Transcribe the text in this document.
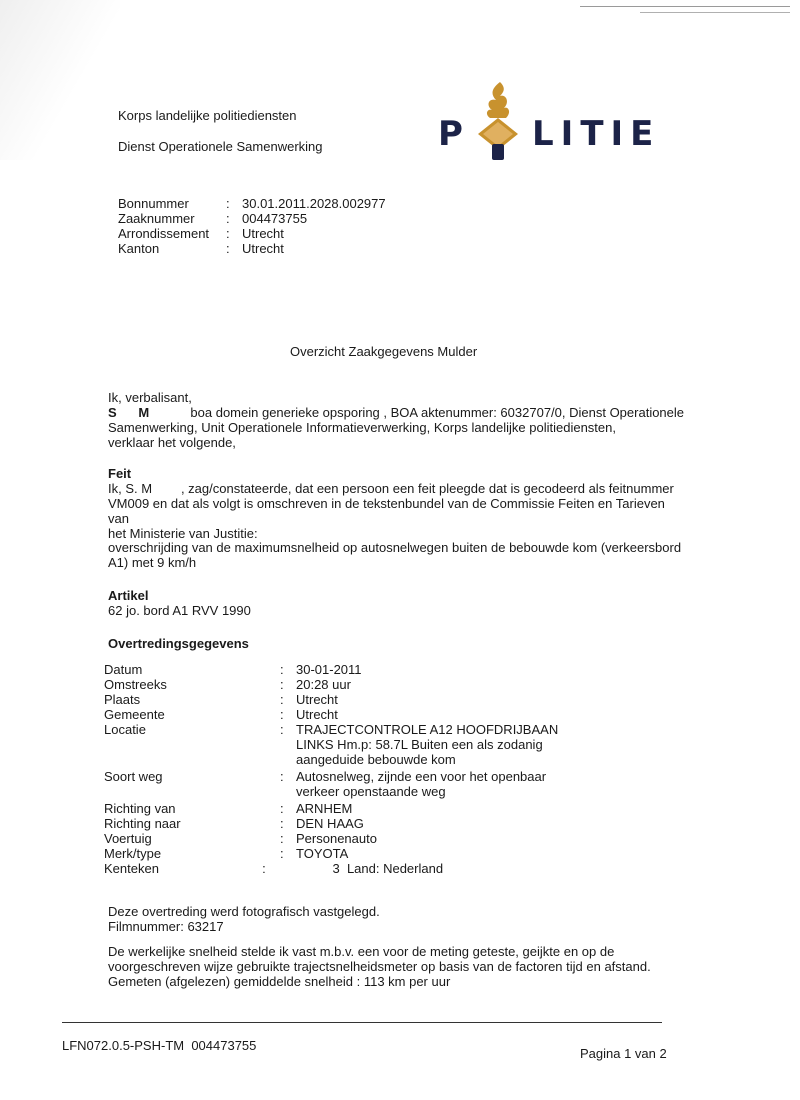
Korps landelijke politiediensten
Dienst Operationele Samenwerking	P LITIE
Bonnummer	: 30.01.2011.2028.002977
Zaaknummer	: 004473755
Arrondissement	: Utrecht
Kanton	: Utrecht
Overzicht Zaakgegevens Mulder
Ik, verbalisant,
S      M	boa domein generieke opsporing , BOA aktenummer: 6032707/0, Dienst Operationele
Samenwerking, Unit Operationele Informatieverwerking, Korps landelijke politiediensten,
verklaar het volgende,
Feit
Ik, S. M        , zag/constateerde, dat een persoon een feit pleegde dat is gecodeerd als feitnummer
VM009 en dat als volgt is omschreven in de tekstenbundel van de Commissie Feiten en Tarieven van
het Ministerie van Justitie:
overschrijding van de maximumsnelheid op autosnelwegen buiten de bebouwde kom (verkeersbord
A1) met 9 km/h
Artikel
62 jo. bord A1 RVV 1990
Overtredingsgegevens
Datum	: 30-01-2011
Omstreeks	: 20:28 uur
Plaats	: Utrecht
Gemeente	: Utrecht
Locatie	: TRAJECTCONTROLE A12 HOOFDRIJBAAN LINKS Hm.p: 58.7L Buiten een als zodanig aangeduide bebouwde kom
Soort weg	: Autosnelweg, zijnde een voor het openbaar verkeer openstaande weg
Richting van	: ARNHEM
Richting naar	: DEN HAAG
Voertuig	: Personenauto
Merk/type	: TOYOTA
Kenteken	:	3  Land: Nederland
Deze overtreding werd fotografisch vastgelegd.
Filmnummer: 63217
De werkelijke snelheid stelde ik vast m.b.v. een voor de meting geteste, geijkte en op de
voorgeschreven wijze gebruikte trajectsnelheidsmeter op basis van de factoren tijd en afstand.
Gemeten (afgelezen) gemiddelde snelheid : 113 km per uur
LFN072.0.5-PSH-TM  004473755
Pagina 1 van 2
